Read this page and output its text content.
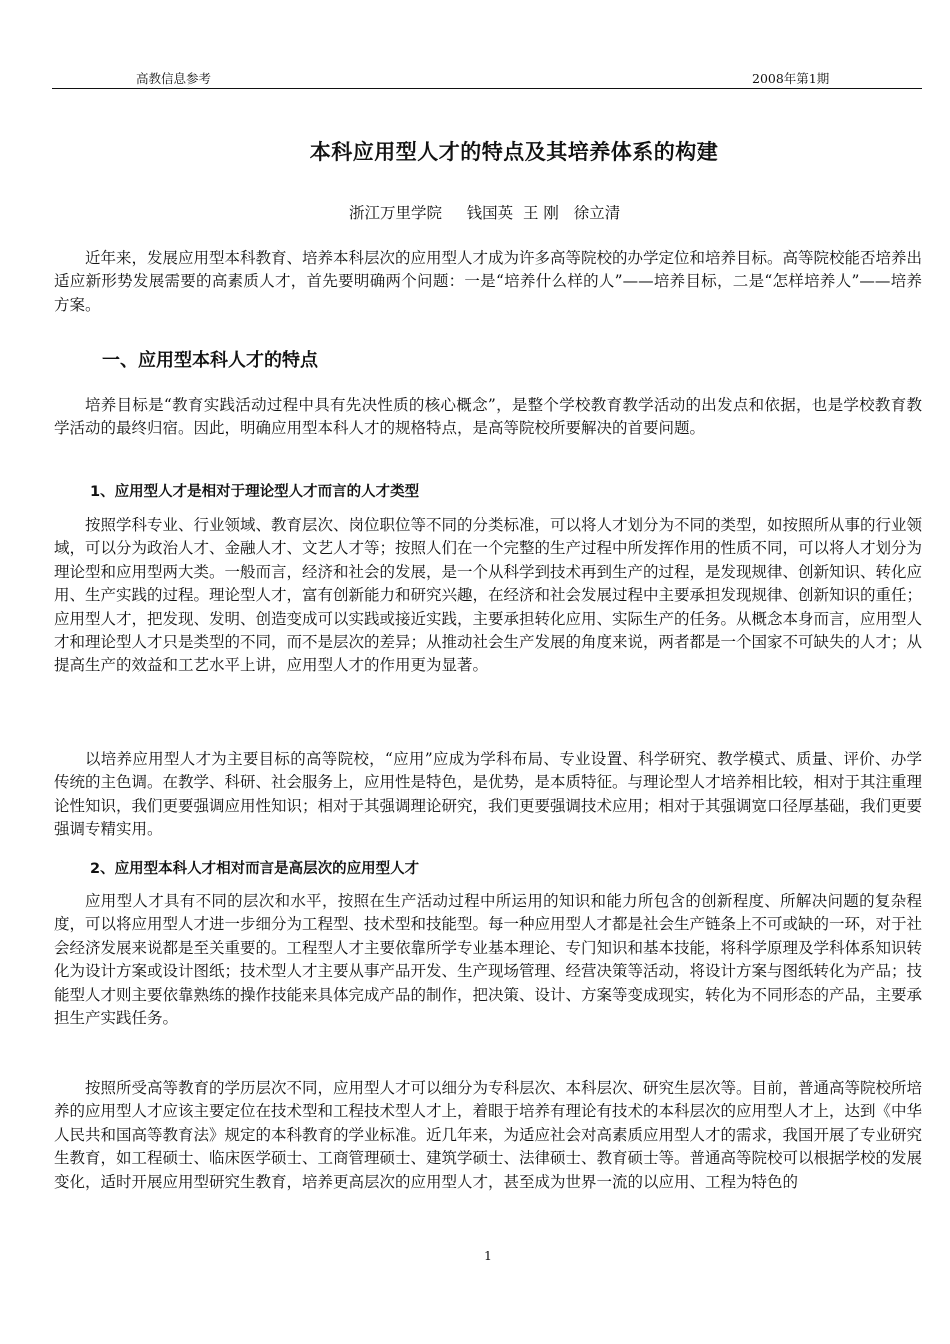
高教信息参考	2008年第1期
本科应用型人才的特点及其培养体系的构建
浙江万里学院     钱国英  王 刚   徐立清

近年来，发展应用型本科教育、培养本科层次的应用型人才成为许多高等院校的办学定位和培养目标。高等院校能否培养出适应新形势发展需要的高素质人才，首先要明确两个问题：一是“培养什么样的人”——培养目标，二是“怎样培养人”——培养方案。

一、应用型本科人才的特点

培养目标是“教育实践活动过程中具有先决性质的核心概念”，是整个学校教育教学活动的出发点和依据，也是学校教育教学活动的最终归宿。因此，明确应用型本科人才的规格特点，是高等院校所要解决的首要问题。

1、应用型人才是相对于理论型人才而言的人才类型

按照学科专业、行业领域、教育层次、岗位职位等不同的分类标准，可以将人才划分为不同的类型，如按照所从事的行业领域，可以分为政治人才、金融人才、文艺人才等；按照人们在一个完整的生产过程中所发挥作用的性质不同，可以将人才划分为理论型和应用型两大类。一般而言，经济和社会的发展，是一个从科学到技术再到生产的过程，是发现规律、创新知识、转化应用、生产实践的过程。理论型人才，富有创新能力和研究兴趣，在经济和社会发展过程中主要承担发现规律、创新知识的重任；应用型人才，把发现、发明、创造变成可以实践或接近实践，主要承担转化应用、实际生产的任务。从概念本身而言，应用型人才和理论型人才只是类型的不同，而不是层次的差异；从推动社会生产发展的角度来说，两者都是一个国家不可缺失的人才；从提高生产的效益和工艺水平上讲，应用型人才的作用更为显著。

以培养应用型人才为主要目标的高等院校，“应用”应成为学科布局、专业设置、科学研究、教学模式、质量、评价、办学传统的主色调。在教学、科研、社会服务上，应用性是特色，是优势，是本质特征。与理论型人才培养相比较，相对于其注重理论性知识，我们更要强调应用性知识；相对于其强调理论研究，我们更要强调技术应用；相对于其强调宽口径厚基础，我们更要强调专精实用。

2、应用型本科人才相对而言是高层次的应用型人才

应用型人才具有不同的层次和水平，按照在生产活动过程中所运用的知识和能力所包含的创新程度、所解决问题的复杂程度，可以将应用型人才进一步细分为工程型、技术型和技能型。每一种应用型人才都是社会生产链条上不可或缺的一环，对于社会经济发展来说都是至关重要的。工程型人才主要依靠所学专业基本理论、专门知识和基本技能，将科学原理及学科体系知识转化为设计方案或设计图纸；技术型人才主要从事产品开发、生产现场管理、经营决策等活动，将设计方案与图纸转化为产品；技能型人才则主要依靠熟练的操作技能来具体完成产品的制作，把决策、设计、方案等变成现实，转化为不同形态的产品，主要承担生产实践任务。

按照所受高等教育的学历层次不同，应用型人才可以细分为专科层次、本科层次、研究生层次等。目前，普通高等院校所培养的应用型人才应该主要定位在技术型和工程技术型人才上，着眼于培养有理论有技术的本科层次的应用型人才上，达到《中华人民共和国高等教育法》规定的本科教育的学业标准。近几年来，为适应社会对高素质应用型人才的需求，我国开展了专业研究生教育，如工程硕士、临床医学硕士、工商管理硕士、建筑学硕士、法律硕士、教育硕士等。普通高等院校可以根据学校的发展变化，适时开展应用型研究生教育，培养更高层次的应用型人才，甚至成为世界一流的以应用、工程为特色的

1
